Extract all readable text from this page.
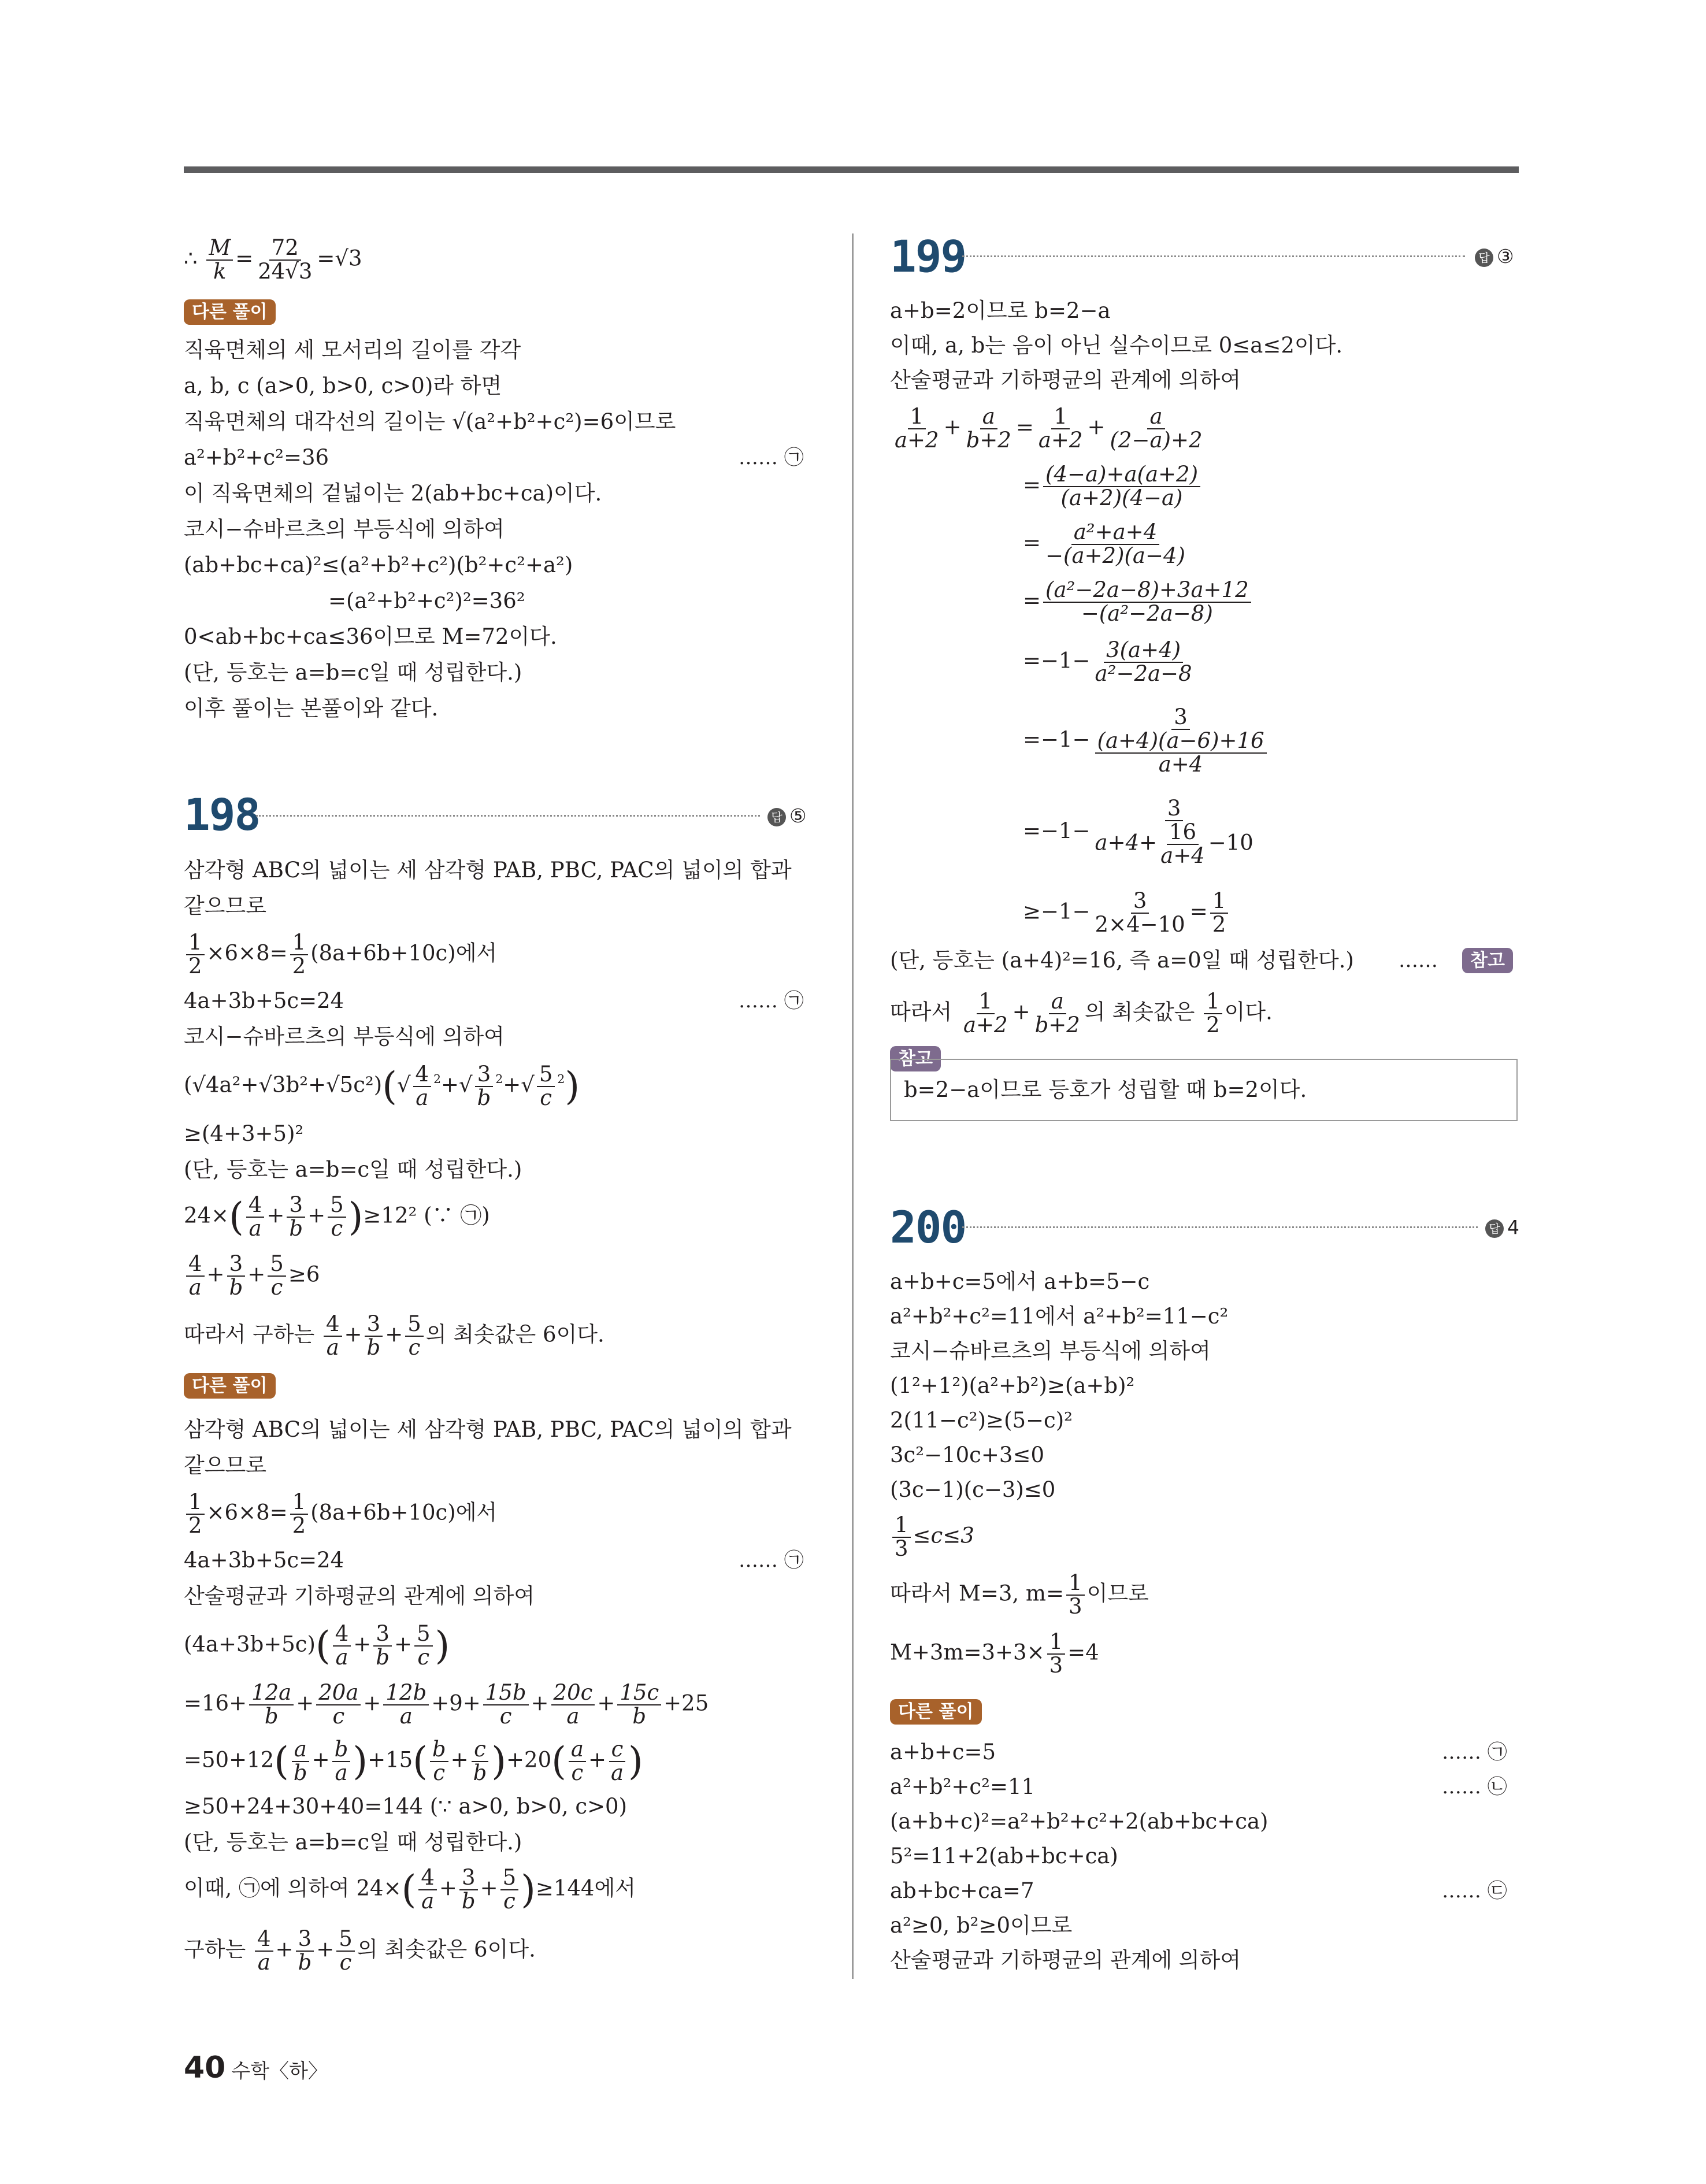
∴ $\frac{M}{k} = \frac{72}{24√3} =√3$
다른 풀이
직육면체의 세 모서리의 길이를 각각
a, b, c (a>0, b>0, c>0)라 하면
직육면체의 대각선의 길이는 √(a²+b²+c²)=6이므로
a²+b²+c²=36	…… ㉠
이 직육면체의 겉넓이는 2(ab+bc+ca)이다.
코시−슈바르츠의 부등식에 의하여
(ab+bc+ca)²≤(a²+b²+c²)(b²+c²+a²)
=(a²+b²+c²)²=36²
0<ab+bc+ca≤36이므로 M=72이다.
(단, 등호는 a=b=c일 때 성립한다.)
이후 풀이는 본풀이와 같다.
198	답 ⑤
삼각형 ABC의 넓이는 세 삼각형 PAB, PBC, PAC의 넓이의 합과
같으므로
$\frac{1}{2} \times 6\times 8= \frac{1}{2} (8a+6b+10c)$에서
4a+3b+5c=24	…… ㉠
코시−슈바르츠의 부등식에 의하여
$(√4a^2+√3b^2+√5c^2)(√ \frac{4}{a} ^2+√ \frac{3}{b} ^2+√ \frac{5}{c} ^2)$
≥(4+3+5)²
(단, 등호는 a=b=c일 때 성립한다.)
$24\times( \frac{4}{a} + \frac{3}{b} + \frac{5}{c} )\ge 12^2$ (∵ ㉠)
$\frac{4}{a} + \frac{3}{b} + \frac{5}{c} \ge 6$
따라서 구하는 $\frac{4}{a} + \frac{3}{b} + \frac{5}{c}$ 의 최솟값은 6이다.
다른 풀이
삼각형 ABC의 넓이는 세 삼각형 PAB, PBC, PAC의 넓이의 합과
같으므로
$\frac{1}{2} \times 6\times 8= \frac{1}{2} (8a+6b+10c)$에서
4a+3b+5c=24	…… ㉠
산술평균과 기하평균의 관계에 의하여
$(4a+3b+5c)( \frac{4}{a} + \frac{3}{b} + \frac{5}{c}$ )
$=16+ \frac{12a}{b} + \frac{20a}{c} + \frac{12b}{a} +9+ \frac{15b}{c} + \frac{20c}{a} + \frac{15c}{b} +25$
$=50+12( \frac{a}{b} + \frac{b}{a} )+15( \frac{b}{c} + \frac{c}{b} )+20( \frac{a}{c} + \frac{c}{a}$ )
≥50+24+30+40=144 (∵ a>0, b>0, c>0)
(단, 등호는 a=b=c일 때 성립한다.)
이때, ㉠에 의하여 $24\times( \frac{4}{a} + \frac{3}{b} + \frac{5}{c} )\ge 144$에서
구하는 $\frac{4}{a} + \frac{3}{b} + \frac{5}{c}$ 의 최솟값은 6이다.
199	답 ③
a+b=2이므로 b=2−a
이때, a, b는 음이 아닌 실수이므로 0≤a≤2이다.
산술평균과 기하평균의 관계에 의하여
$\frac{1}{a+2} + \frac{a}{b+2} = \frac{1}{a+2} + \frac{a}{(2-a)+2}$
= $\frac{(4-a)+a(a+2)}{(a+2)(4-a)}$
= $\frac{\text{a²+a+4}}{-(a+2)(a-4)}$
= $\frac{\text{(a²−2a−8)+3a+12}}{\text{−(a²−2a−8)}}$
$=-1- \frac{3(a+4)}{\text{a²−2a−8}}$
$=-1- \frac{3}{\frac{(a+4)(a-6)+16}{a+4}}$
$=-1- \frac{3}{a+4+ \frac{16}{a+4} -10}$
$\ge-1- \frac{3}{2\times 4-10} = \frac{1}{2}$
(단, 등호는 (a+4)²=16, 즉 a=0일 때 성립한다.) ……	참고
따라서 $\frac{1}{a+2} + \frac{a}{b+2}$ 의 최솟값은 $\frac{1}{2}$ 이다.
참고
b=2−a이므로 등호가 성립할 때 b=2이다.
200	답 4
a+b+c=5에서 a+b=5−c
a²+b²+c²=11에서 a²+b²=11−c²
코시−슈바르츠의 부등식에 의하여
(1²+1²)(a²+b²)≥(a+b)²
2(11−c²)≥(5−c)²
3c²−10c+3≤0
(3c−1)(c−3)≤0
$\frac{1}{3} \le c\le 3$
따라서 M=3, $m= \frac{1}{3}$ 이므로
$M+3m=3+3\times \frac{1}{3} =4$
다른 풀이
a+b+c=5	…… ㉠
a²+b²+c²=11	…… ㉡
(a+b+c)²=a²+b²+c²+2(ab+bc+ca)
5²=11+2(ab+bc+ca)
ab+bc+ca=7	…… ㉢
a²≥0, b²≥0이므로
산술평균과 기하평균의 관계에 의하여
40 수학〈하〉
